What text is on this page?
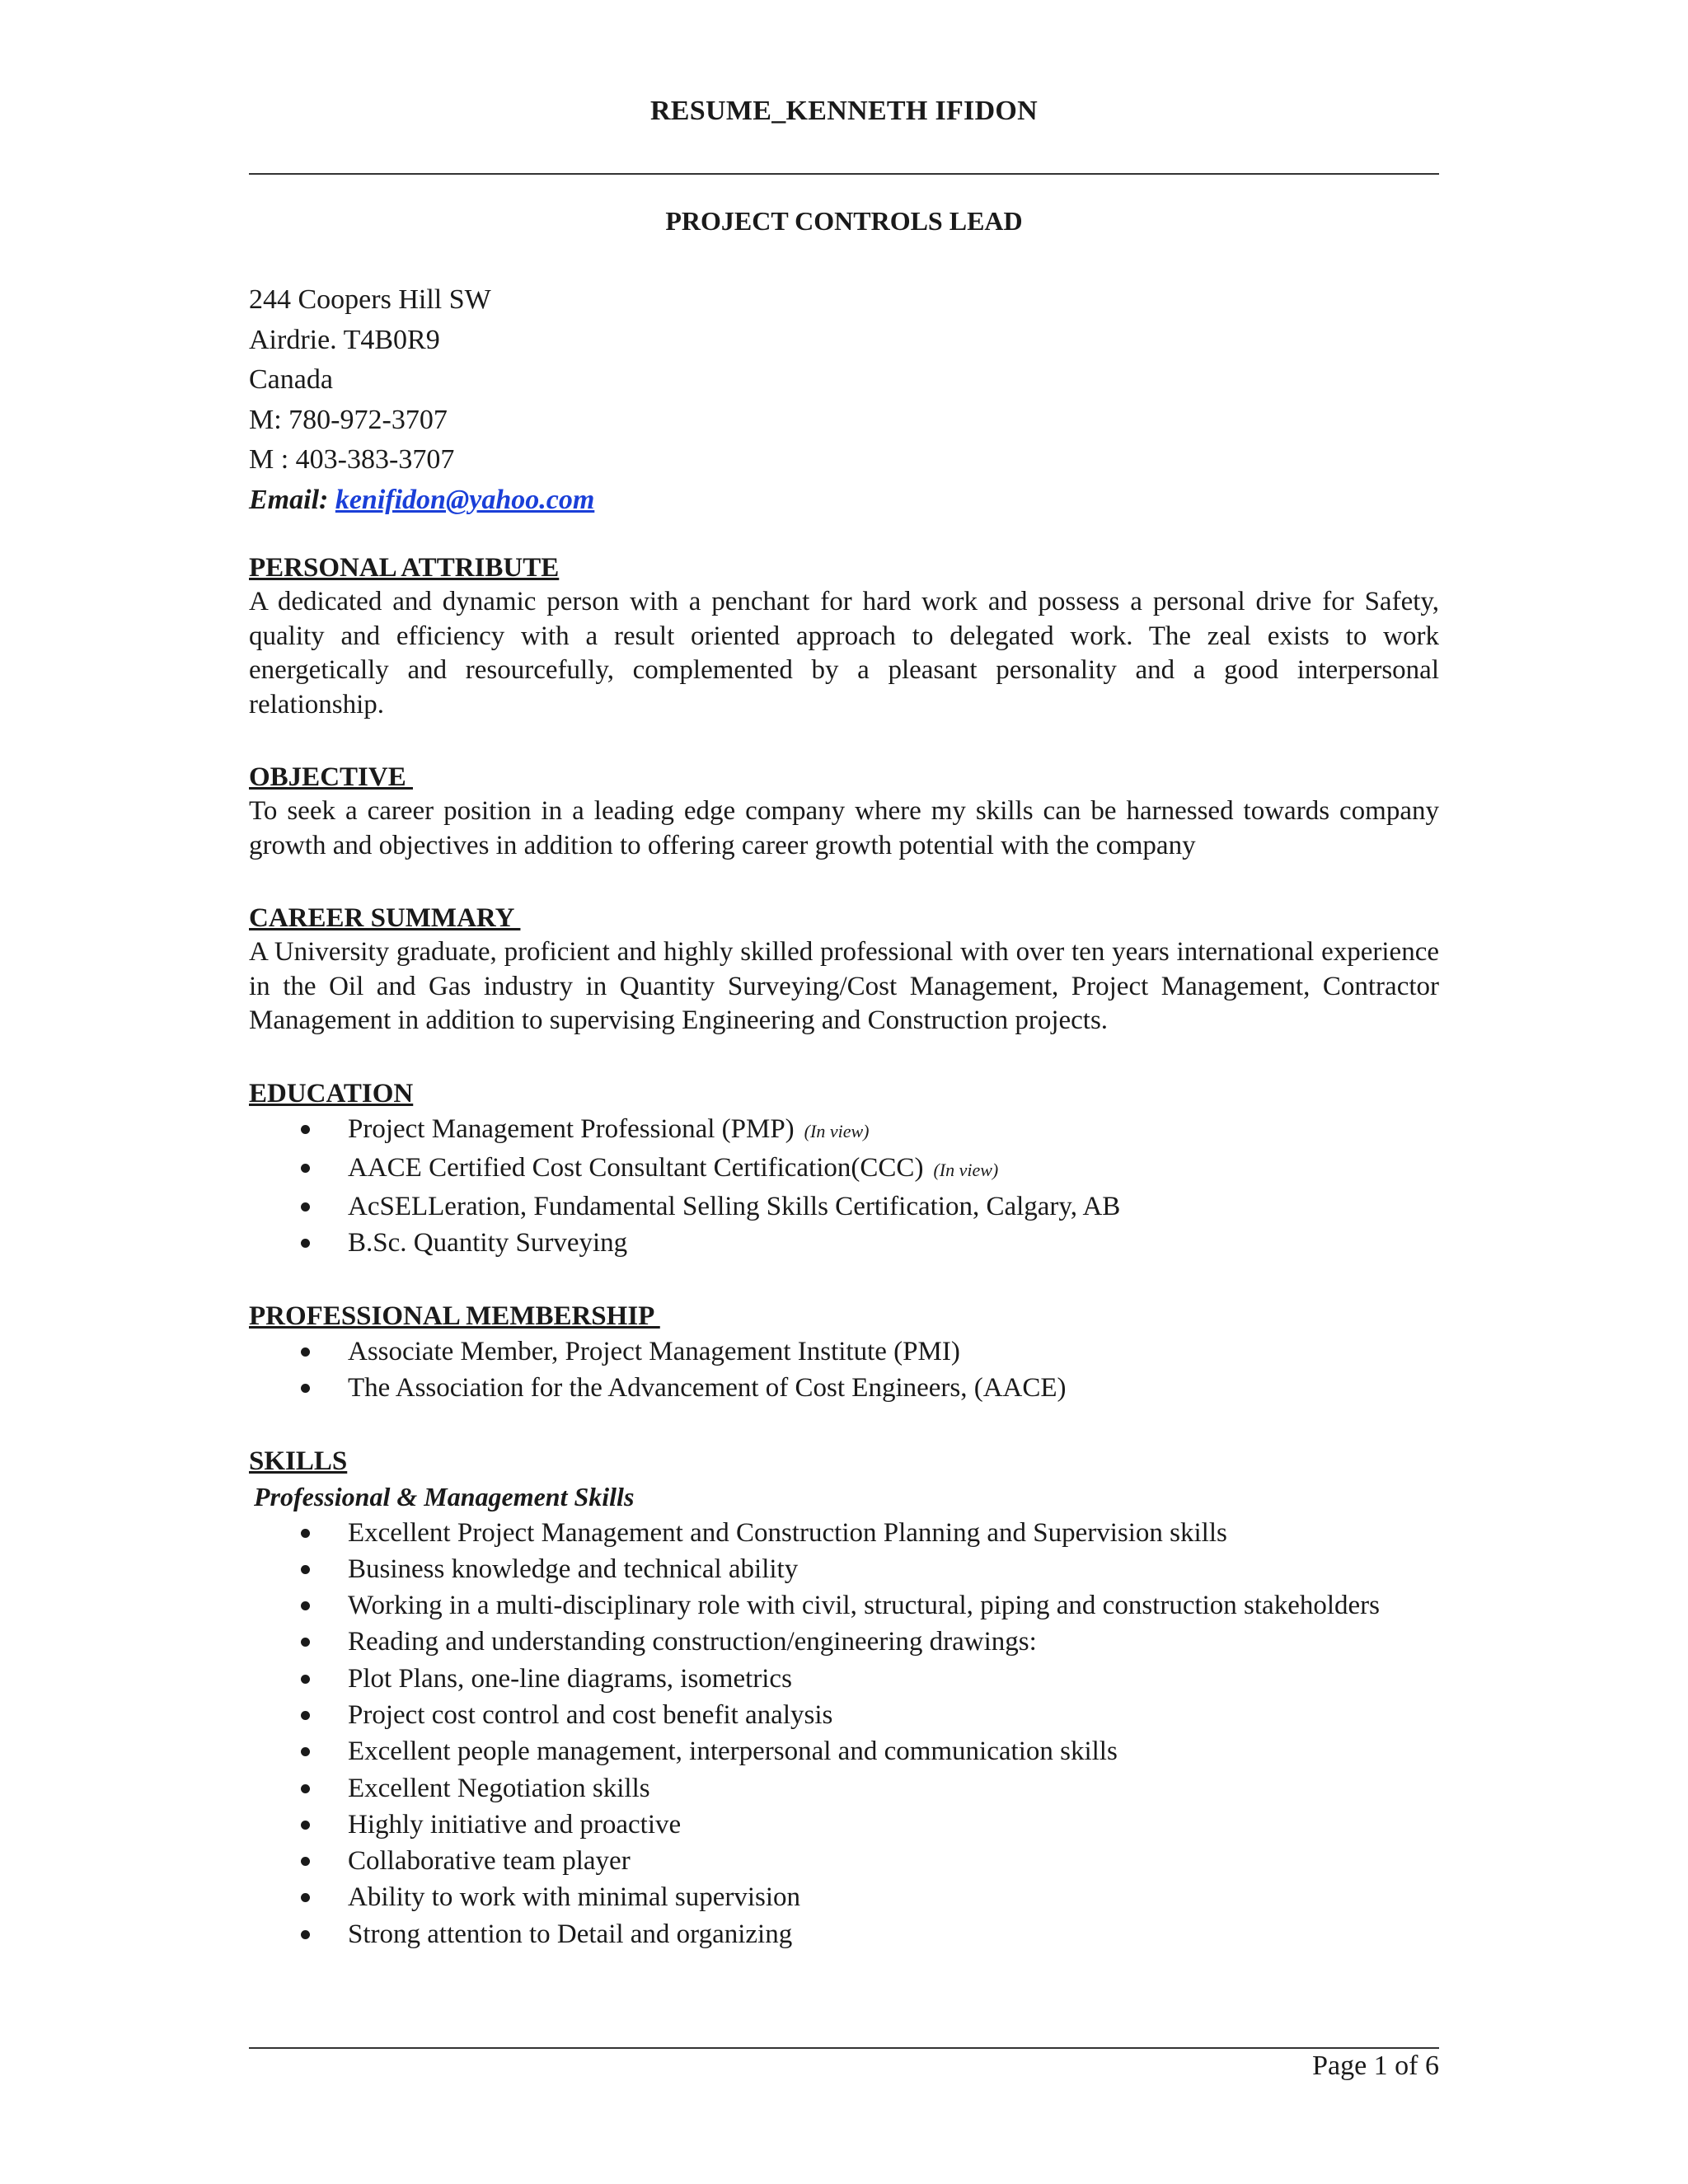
RESUME_KENNETH IFIDON
PROJECT CONTROLS LEAD
244 Coopers Hill SW
Airdrie. T4B0R9
Canada
M: 780-972-3707
M : 403-383-3707
Email: kenifidon@yahoo.com

PERSONAL ATTRIBUTE

A dedicated and dynamic person with a penchant for hard work and possess a personal drive for Safety, quality and efficiency with a result oriented approach to delegated work. The zeal exists to work energetically and resourcefully, complemented by a pleasant personality and a good interpersonal relationship.

OBJECTIVE

To seek a career position in a leading edge company where my skills can be harnessed towards company growth and objectives in addition to offering career growth potential with the company

CAREER SUMMARY

A University graduate, proficient and highly skilled professional with over ten years international experience in the Oil and Gas industry in Quantity Surveying/Cost Management, Project Management, Contractor Management in addition to supervising Engineering and Construction projects.

EDUCATION

Project Management Professional (PMP) (In view)
AACE Certified Cost Consultant Certification(CCC) (In view)
AcSELLeration, Fundamental Selling Skills Certification, Calgary, AB
B.Sc. Quantity Surveying

PROFESSIONAL MEMBERSHIP

Associate Member, Project Management Institute (PMI)
The Association for the Advancement of Cost Engineers, (AACE)

SKILLS

Professional & Management Skills

Excellent Project Management and Construction Planning and Supervision skills
Business knowledge and technical ability
Working in a multi-disciplinary role with civil, structural, piping and construction stakeholders
Reading and understanding construction/engineering drawings:
Plot Plans, one-line diagrams, isometrics
Project cost control and cost benefit analysis
Excellent people management, interpersonal and communication skills
Excellent Negotiation skills
Highly initiative and proactive
Collaborative team player
Ability to work with minimal supervision
Strong attention to Detail and organizing
Page 1 of 6
